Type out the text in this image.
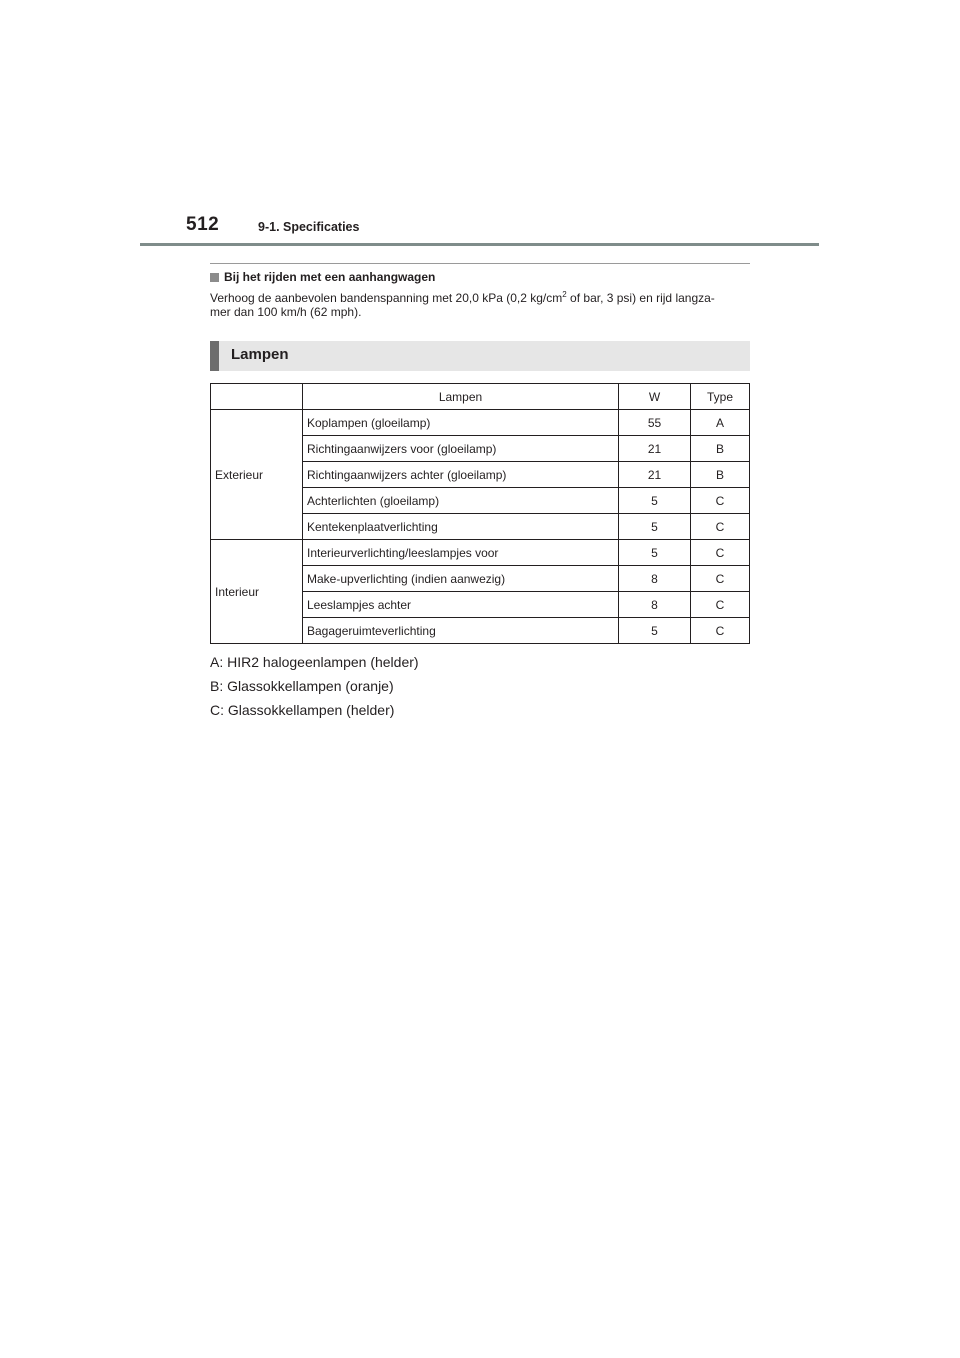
512	9-1. Specificaties
Bij het rijden met een aanhangwagen
Verhoog de aanbevolen bandenspanning met 20,0 kPa (0,2 $kg/cm^2$ of bar, 3 psi) en rijd langza-
mer dan 100 km/h (62 mph).
Lampen
	Lampen	W	Type
Exterieur	Koplampen (gloeilamp)	55	A
	Richtingaanwijzers voor (gloeilamp)	21	B
	Richtingaanwijzers achter (gloeilamp)	21	B
	Achterlichten (gloeilamp)	5	C
	Kentekenplaatverlichting	5	C
Interieur	Interieurverlichting/leeslampjes voor	5	C
	Make-upverlichting (indien aanwezig)	8	C
	Leeslampjes achter	8	C
	Bagageruimteverlichting	5	C
A: HIR2 halogeenlampen (helder)
B: Glassokkellampen (oranje)
C: Glassokkellampen (helder)
